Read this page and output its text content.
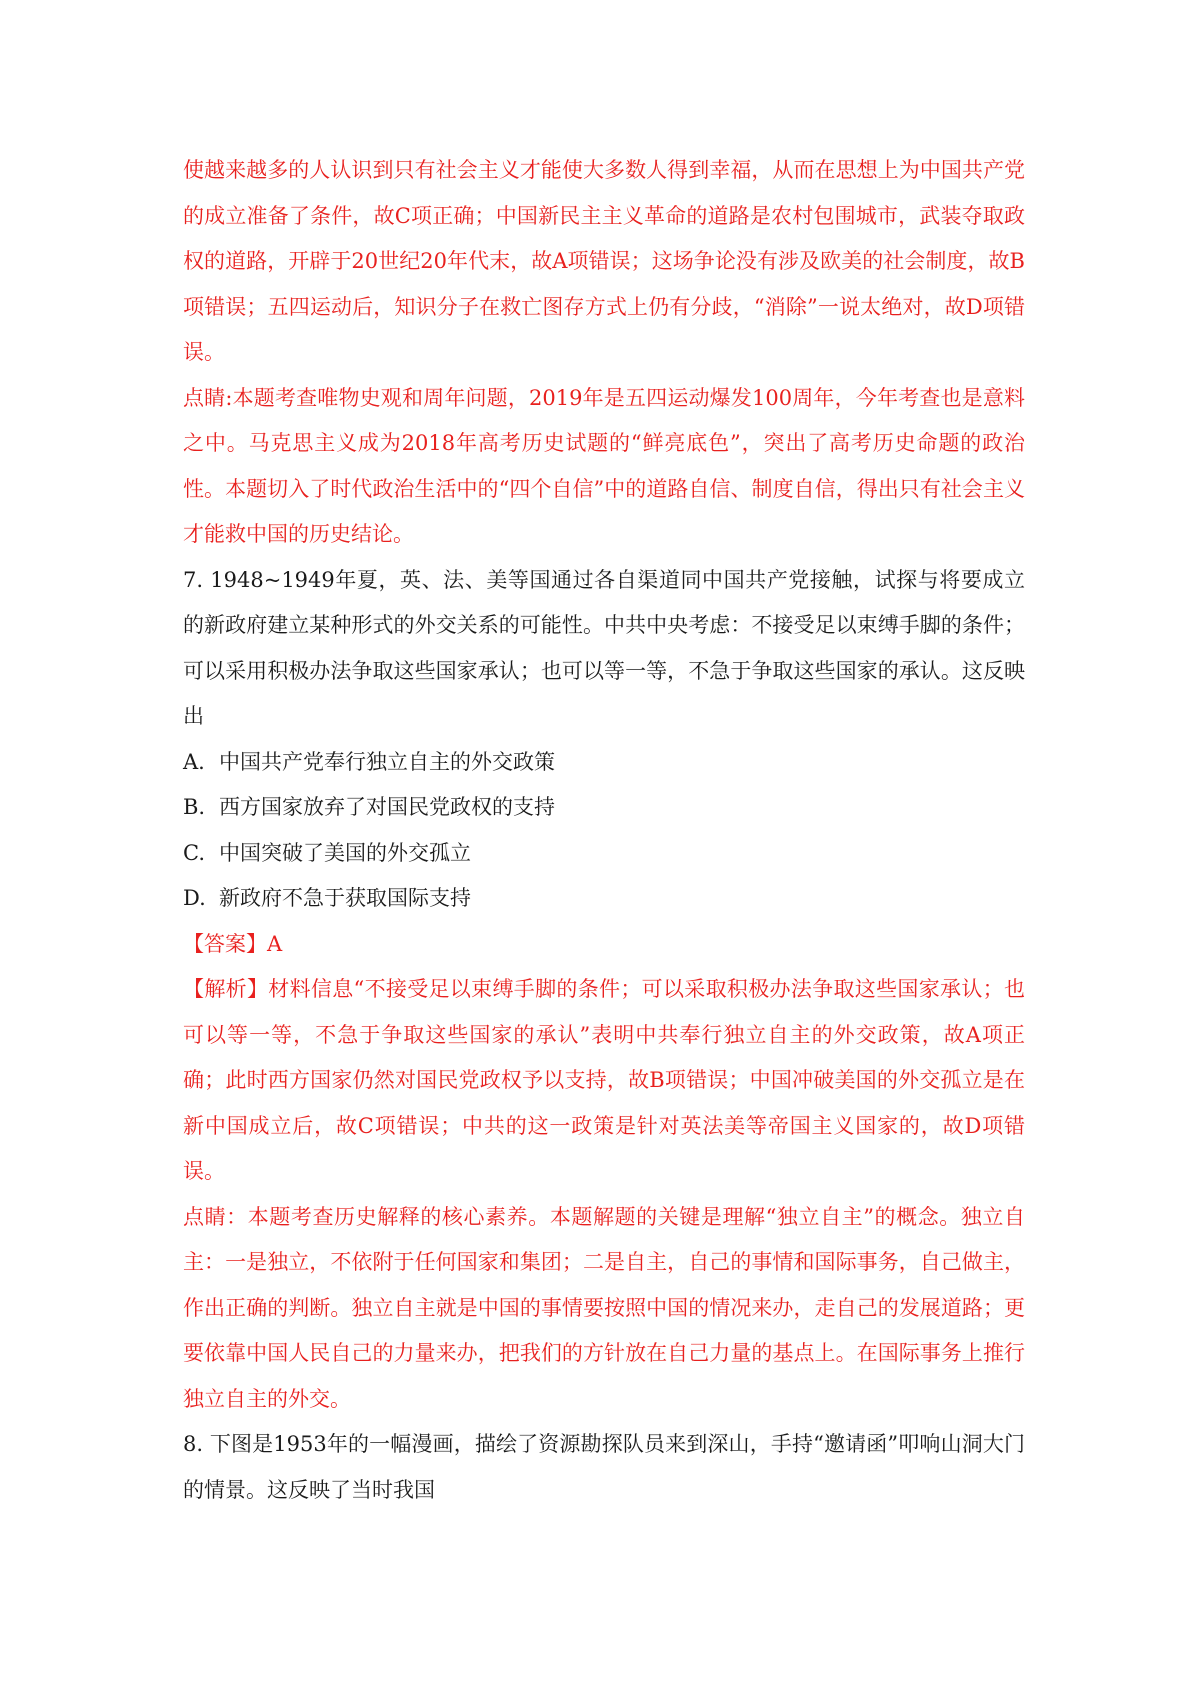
使越来越多的人认识到只有社会主义才能使大多数人得到幸福，从而在思想上为中国共产党的成立准备了条件，故C项正确；中国新民主主义革命的道路是农村包围城市，武装夺取政权的道路，开辟于20世纪20年代末，故A项错误；这场争论没有涉及欧美的社会制度，故B项错误；五四运动后，知识分子在救亡图存方式上仍有分歧，“消除”一说太绝对，故D项错误。

点睛:本题考查唯物史观和周年问题，2019年是五四运动爆发100周年，今年考查也是意料之中。马克思主义成为2018年高考历史试题的“鲜亮底色”，突出了高考历史命题的政治性。本题切入了时代政治生活中的“四个自信”中的道路自信、制度自信，得出只有社会主义才能救中国的历史结论。

7. 1948~1949年夏，英、法、美等国通过各自渠道同中国共产党接触，试探与将要成立的新政府建立某种形式的外交关系的可能性。中共中央考虑：不接受足以束缚手脚的条件；可以采用积极办法争取这些国家承认；也可以等一等，不急于争取这些国家的承认。这反映出

A. 中国共产党奉行独立自主的外交政策

B. 西方国家放弃了对国民党政权的支持

C. 中国突破了美国的外交孤立

D. 新政府不急于获取国际支持

【答案】A

【解析】材料信息“不接受足以束缚手脚的条件；可以采取积极办法争取这些国家承认；也可以等一等，不急于争取这些国家的承认”表明中共奉行独立自主的外交政策，故A项正确；此时西方国家仍然对国民党政权予以支持，故B项错误；中国冲破美国的外交孤立是在新中国成立后，故C项错误；中共的这一政策是针对英法美等帝国主义国家的，故D项错误。

点睛：本题考查历史解释的核心素养。本题解题的关键是理解“独立自主”的概念。独立自主：一是独立，不依附于任何国家和集团；二是自主，自己的事情和国际事务，自己做主，作出正确的判断。独立自主就是中国的事情要按照中国的情况来办，走自己的发展道路；更要依靠中国人民自己的力量来办，把我们的方针放在自己力量的基点上。在国际事务上推行独立自主的外交。

8. 下图是1953年的一幅漫画，描绘了资源勘探队员来到深山，手持“邀请函”叩响山洞大门的情景。这反映了当时我国
